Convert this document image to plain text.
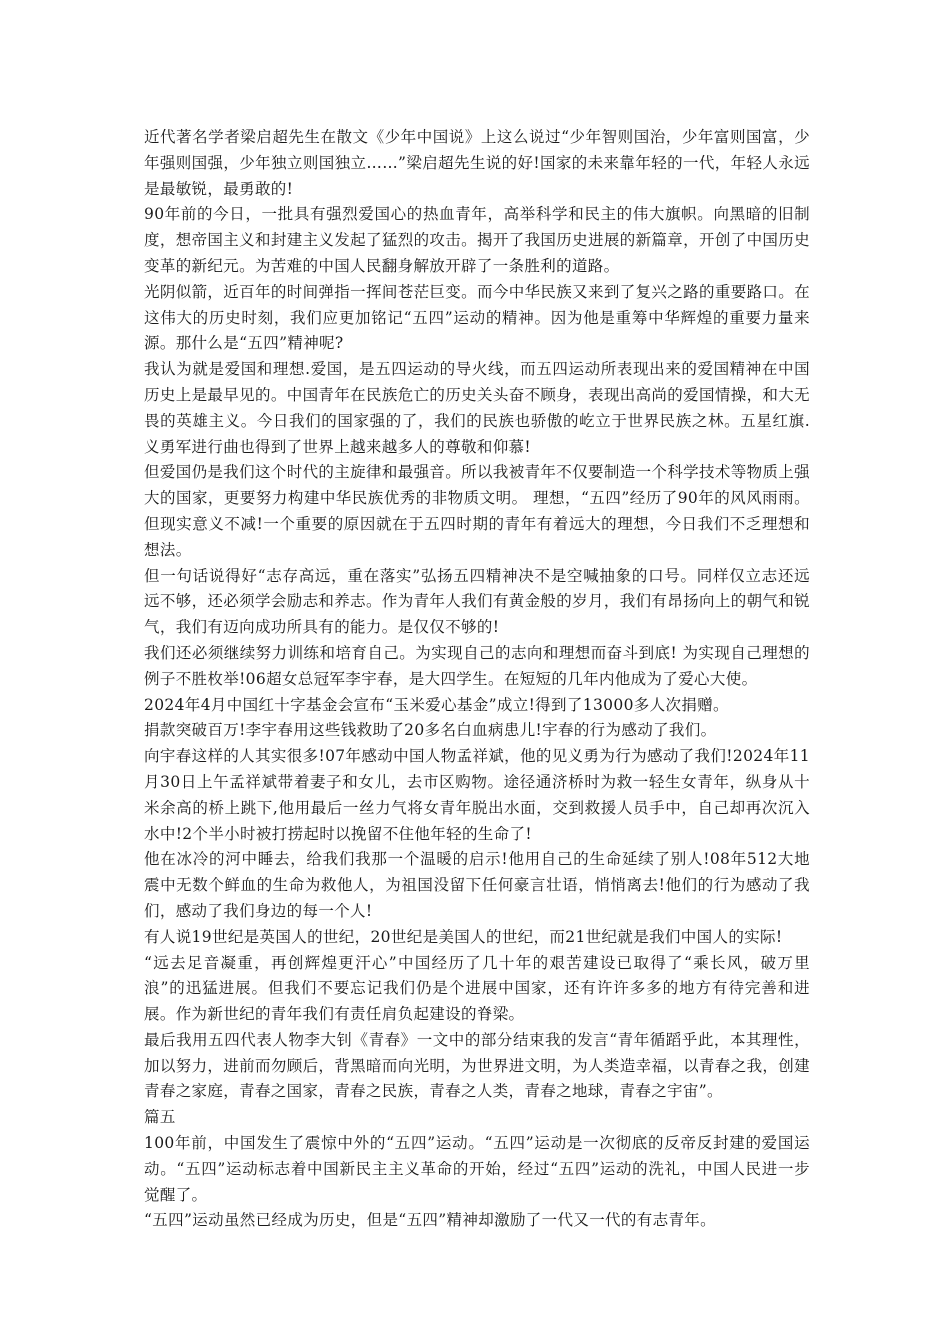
近代著名学者梁启超先生在散文《少年中国说》上这么说过“少年智则国治，少年富则国富，少年强则国强，少年独立则国独立……”梁启超先生说的好!国家的未来靠年轻的一代，年轻人永远是最敏锐，最勇敢的!

90年前的今日，一批具有强烈爱国心的热血青年，高举科学和民主的伟大旗帜。向黑暗的旧制度，想帝国主义和封建主义发起了猛烈的攻击。揭开了我国历史进展的新篇章，开创了中国历史变革的新纪元。为苦难的中国人民翻身解放开辟了一条胜利的道路。

光阴似箭，近百年的时间弹指一挥间苍茫巨变。而今中华民族又来到了复兴之路的重要路口。在这伟大的历史时刻，我们应更加铭记“五四”运动的精神。因为他是重筹中华辉煌的重要力量来源。那什么是“五四”精神呢?

我认为就是爱国和理想.爱国，是五四运动的导火线，而五四运动所表现出来的爱国精神在中国历史上是最早见的。中国青年在民族危亡的历史关头奋不顾身，表现出高尚的爱国情操，和大无畏的英雄主义。今日我们的国家强的了，我们的民族也骄傲的屹立于世界民族之林。五星红旗.义勇军进行曲也得到了世界上越来越多人的尊敬和仰慕!

但爱国仍是我们这个时代的主旋律和最强音。所以我被青年不仅要制造一个科学技术等物质上强大的国家，更要努力构建中华民族优秀的非物质文明。 理想，“五四”经历了90年的风风雨雨。但现实意义不减!一个重要的原因就在于五四时期的青年有着远大的理想，今日我们不乏理想和想法。

但一句话说得好“志存高远，重在落实”弘扬五四精神决不是空喊抽象的口号。同样仅立志还远远不够，还必须学会励志和养志。作为青年人我们有黄金般的岁月，我们有昂扬向上的朝气和锐气，我们有迈向成功所具有的能力。是仅仅不够的!

我们还必须继续努力训练和培育自己。为实现自己的志向和理想而奋斗到底! 为实现自己理想的例子不胜枚举!06超女总冠军李宇春，是大四学生。在短短的几年内他成为了爱心大使。

2024年4月中国红十字基金会宣布“玉米爱心基金”成立!得到了13000多人次捐赠。

捐款突破百万!李宇春用这些钱救助了20多名白血病患儿!宇春的行为感动了我们。

向宇春这样的人其实很多!07年感动中国人物孟祥斌，他的见义勇为行为感动了我们!2024年11月30日上午孟祥斌带着妻子和女儿，去市区购物。途径通济桥时为救一轻生女青年，纵身从十米余高的桥上跳下,他用最后一丝力气将女青年脱出水面，交到救援人员手中，自己却再次沉入水中!2个半小时被打捞起时以挽留不住他年轻的生命了!

他在冰冷的河中睡去，给我们我那一个温暖的启示!他用自己的生命延续了别人!08年512大地震中无数个鲜血的生命为救他人，为祖国没留下任何豪言壮语，悄悄离去!他们的行为感动了我们，感动了我们身边的每一个人!

有人说19世纪是英国人的世纪，20世纪是美国人的世纪，而21世纪就是我们中国人的实际!

“远去足音凝重，再创辉煌更汗心”中国经历了几十年的艰苦建设已取得了“乘长风，破万里浪”的迅猛进展。但我们不要忘记我们仍是个进展中国家，还有许许多多的地方有待完善和进展。作为新世纪的青年我们有责任肩负起建设的脊梁。

最后我用五四代表人物李大钊《青春》一文中的部分结束我的发言“青年循蹈乎此，本其理性，加以努力，进前而勿顾后，背黑暗而向光明，为世界进文明，为人类造幸福，以青春之我，创建青春之家庭，青春之国家，青春之民族，青春之人类，青春之地球，青春之宇宙”。

篇五

100年前，中国发生了震惊中外的“五四”运动。“五四”运动是一次彻底的反帝反封建的爱国运动。“五四”运动标志着中国新民主主义革命的开始，经过“五四”运动的洗礼，中国人民进一步觉醒了。

“五四”运动虽然已经成为历史，但是“五四”精神却激励了一代又一代的有志青年。
